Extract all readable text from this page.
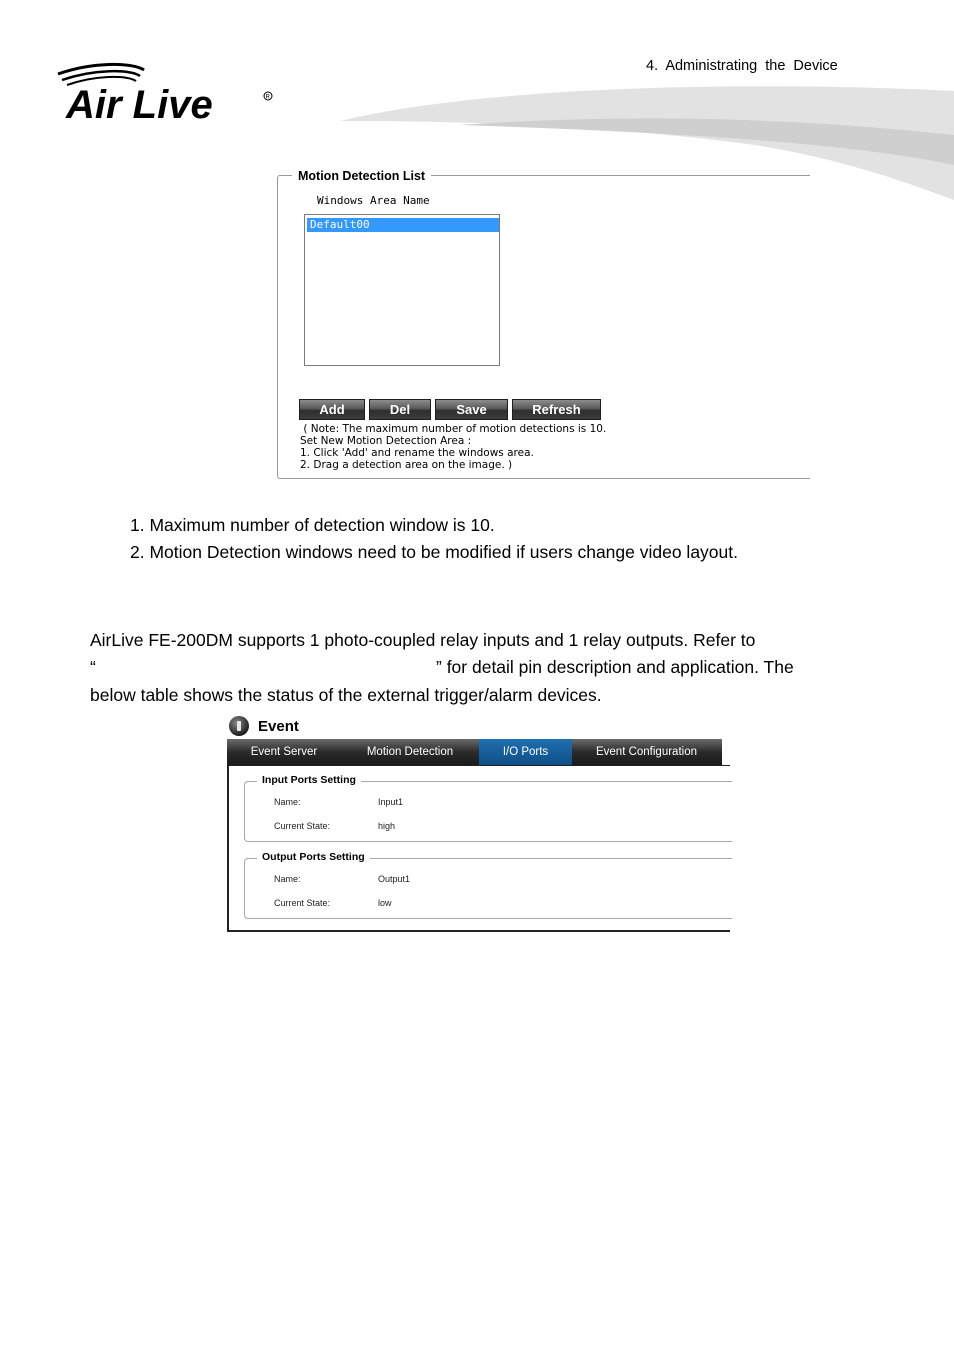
4. Administrating the Device
Air Live	R
Motion Detection List
Windows Area Name
Default00
Add	Del	Save	Refresh
( Note: The maximum number of motion detections is 10.
Set New Motion Detection Area :
1. Click 'Add' and rename the windows area.
2. Drag a detection area on the image. )
1. Maximum number of detection window is 10.
2. Motion Detection windows need to be modified if users change video layout.
AirLive FE-200DM supports 1 photo-coupled relay inputs and 1 relay outputs. Refer to
“	” for detail pin description and application. The
below table shows the status of the external trigger/alarm devices.
Event
Event Server	Motion Detection	I/O Ports	Event Configuration
Input Ports Setting
Name:	Input1
Current State:	high
Output Ports Setting
Name:	Output1
Current State:	low
